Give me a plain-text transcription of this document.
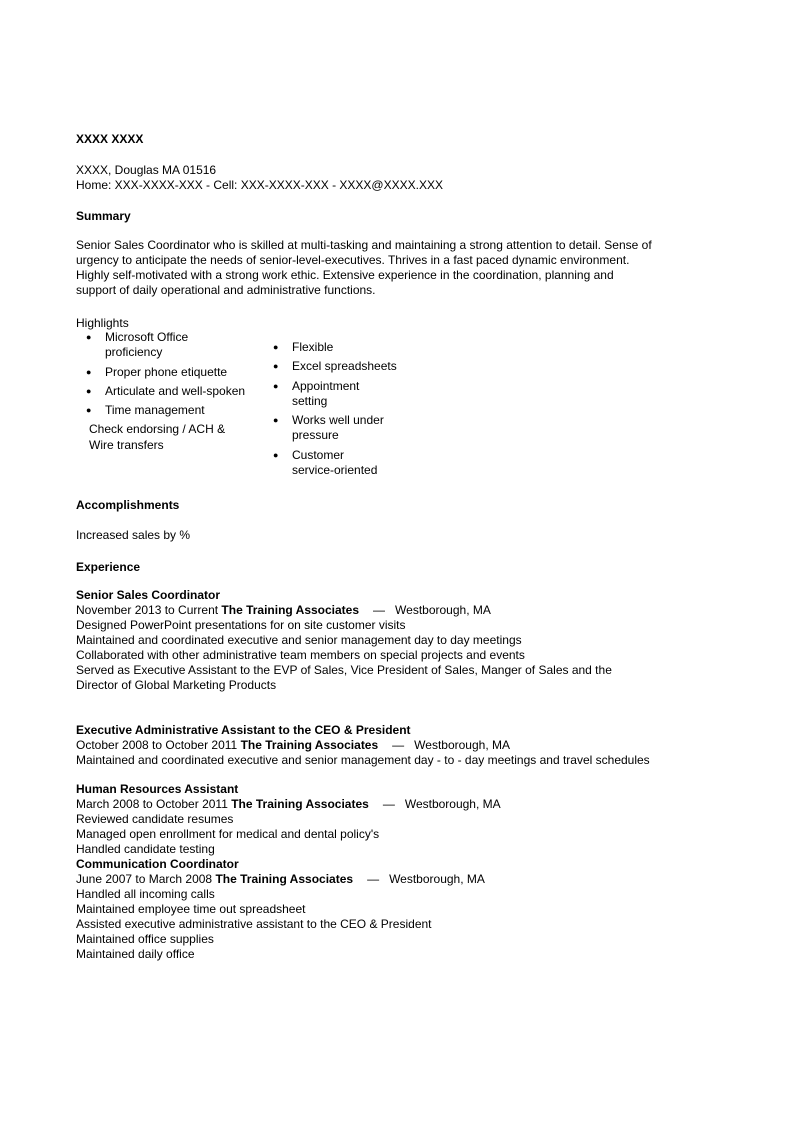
XXXX XXXX
XXXX, Douglas MA 01516
Home: XXX-XXXX-XXX - Cell: XXX-XXXX-XXX - XXXX@XXXX.XXX
Summary
Senior Sales Coordinator who is skilled at multi-tasking and maintaining a strong attention to detail. Sense of
urgency to anticipate the needs of senior-level-executives. Thrives in a fast paced dynamic environment.
Highly self-motivated with a strong work ethic. Extensive experience in the coordination, planning and
support of daily operational and administrative functions.
Highlights
● Microsoft Office
proficiency
● Proper phone etiquette
● Articulate and well-spoken
● Time management
Check endorsing / ACH &
Wire transfers
● Flexible
● Excel spreadsheets
● Appointment
setting
● Works well under
pressure
● Customer
service-oriented
Accomplishments
Increased sales by %
Experience
Senior Sales Coordinator
November 2013 to Current The Training Associates — Westborough, MA
Designed PowerPoint presentations for on site customer visits
Maintained and coordinated executive and senior management day to day meetings
Collaborated with other administrative team members on special projects and events
Served as Executive Assistant to the EVP of Sales, Vice President of Sales, Manger of Sales and the
Director of Global Marketing Products
Executive Administrative Assistant to the CEO & President
October 2008 to October 2011 The Training Associates — Westborough, MA
Maintained and coordinated executive and senior management day - to - day meetings and travel schedules
Human Resources Assistant
March 2008 to October 2011 The Training Associates — Westborough, MA
Reviewed candidate resumes
Managed open enrollment for medical and dental policy's
Handled candidate testing
Communication Coordinator
June 2007 to March 2008 The Training Associates — Westborough, MA
Handled all incoming calls
Maintained employee time out spreadsheet
Assisted executive administrative assistant to the CEO & President
Maintained office supplies
Maintained daily office
